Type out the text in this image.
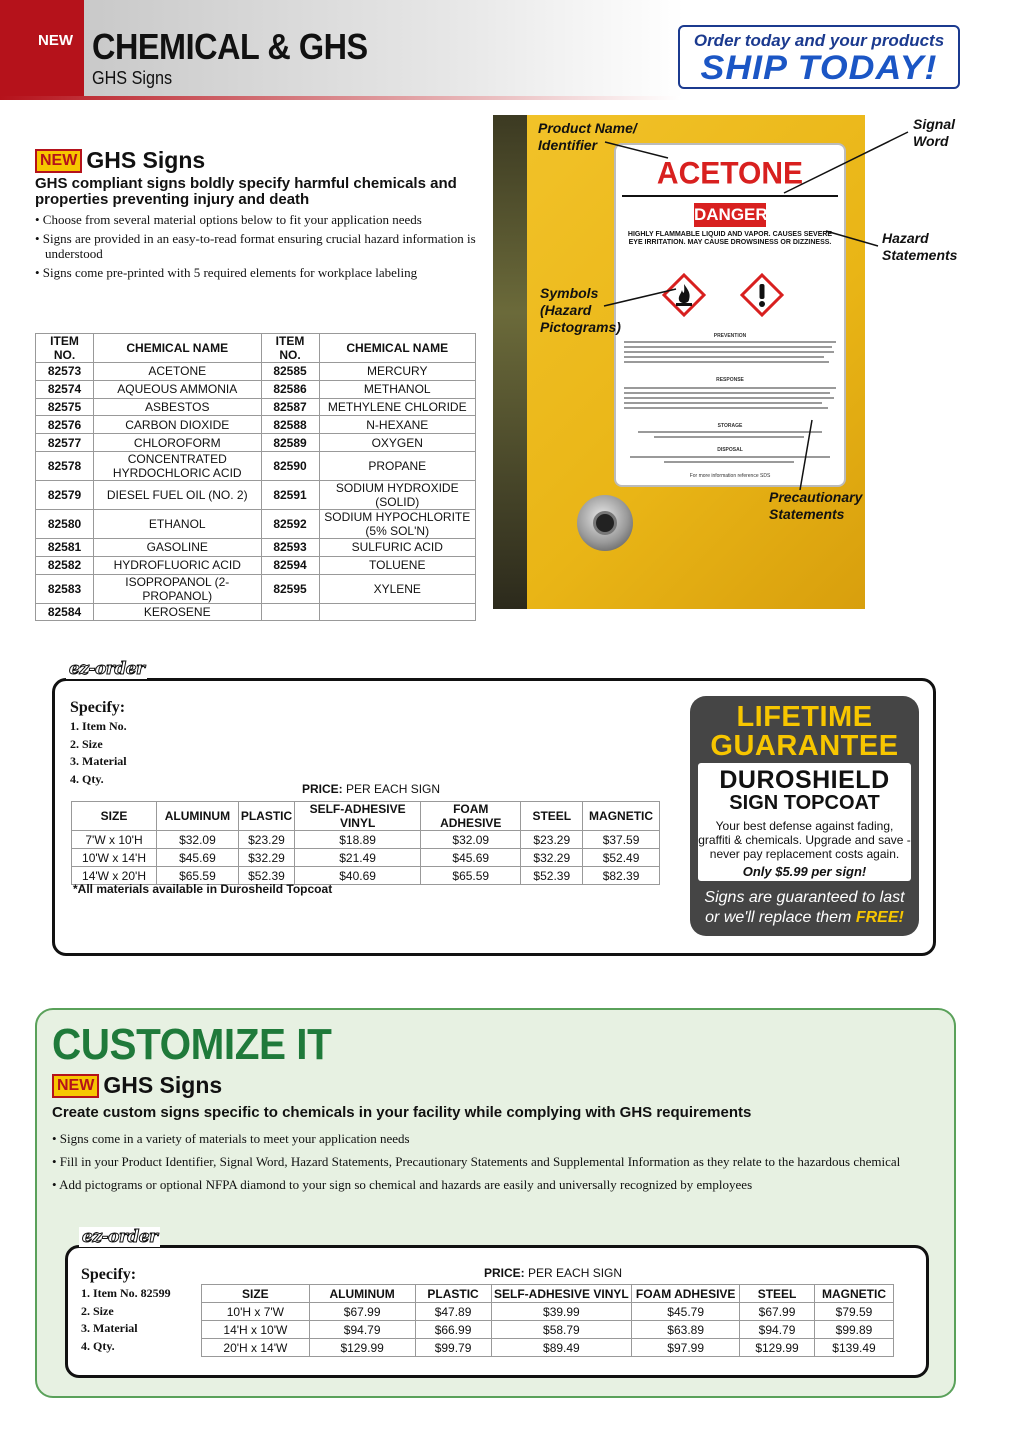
NEW CHEMICAL & GHS
GHS Signs
Order today and your products
SHIP TODAY!
NEW GHS Signs
GHS compliant signs boldly specify harmful chemicals and properties preventing injury and death
• Choose from several material options below to fit your application needs
• Signs are provided in an easy-to-read format ensuring crucial hazard information is understood
• Signs come pre-printed with 5 required elements for workplace labeling
ITEM NO.	CHEMICAL NAME	ITEM NO.	CHEMICAL NAME
82573	ACETONE	82585	MERCURY
82574	AQUEOUS AMMONIA	82586	METHANOL
82575	ASBESTOS	82587	METHYLENE CHLORIDE
82576	CARBON DIOXIDE	82588	N-HEXANE
82577	CHLOROFORM	82589	OXYGEN
82578	CONCENTRATED HYRDOCHLORIC ACID	82590	PROPANE
82579	DIESEL FUEL OIL (NO. 2)	82591	SODIUM HYDROXIDE (SOLID)
82580	ETHANOL	82592	SODIUM HYPOCHLORITE (5% SOL'N)
82581	GASOLINE	82593	SULFURIC ACID
82582	HYDROFLUORIC ACID	82594	TOLUENE
82583	ISOPROPANOL (2-PROPANOL)	82595	XYLENE
82584	KEROSENE		
ACETONE
DANGER
HIGHLY FLAMMABLE LIQUID AND VAPOR. CAUSES SEVERE EYE IRRITATION. MAY CAUSE DROWSINESS OR DIZZINESS.
PREVENTION
RESPONSE
STORAGE
DISPOSAL
For more information reference SDS
Product Name/ Identifier
Signal Word
Hazard Statements
Symbols (Hazard Pictograms)
Precautionary Statements
ez-order
Specify:
1. Item No.
2. Size
3. Material
4. Qty.
PRICE: PER EACH SIGN
SIZE	ALUMINUM	PLASTIC	SELF-ADHESIVE VINYL	FOAM ADHESIVE	STEEL	MAGNETIC
7'W x 10'H	$32.09	$23.29	$18.89	$32.09	$23.29	$37.59
10'W x 14'H	$45.69	$32.29	$21.49	$45.69	$32.29	$52.49
14'W x 20'H	$65.59	$52.39	$40.69	$65.59	$52.39	$82.39
*All materials available in Durosheild Topcoat
LIFETIME
GUARANTEE
DUROSHIELD
SIGN TOPCOAT
Your best defense against fading, graffiti & chemicals. Upgrade and save - never pay replacement costs again.
Only $5.99 per sign!
Signs are guaranteed to last
or we'll replace them FREE!
CUSTOMIZE IT
NEW GHS Signs
Create custom signs specific to chemicals in your facility while complying with GHS requirements
• Signs come in a variety of materials to meet your application needs
• Fill in your Product Identifier, Signal Word, Hazard Statements, Precautionary Statements and Supplemental Information as they relate to the hazardous chemical
• Add pictograms or optional NFPA diamond to your sign so chemical and hazards are easily and universally recognized by employees
ez-order
Specify:
1. Item No. 82599
2. Size
3. Material
4. Qty.
PRICE: PER EACH SIGN
SIZE	ALUMINUM	PLASTIC	SELF-ADHESIVE VINYL	FOAM ADHESIVE	STEEL	MAGNETIC
10'H x 7'W	$67.99	$47.89	$39.99	$45.79	$67.99	$79.59
14'H x 10'W	$94.79	$66.99	$58.79	$63.89	$94.79	$99.89
20'H x 14'W	$129.99	$99.79	$89.49	$97.99	$129.99	$139.49
